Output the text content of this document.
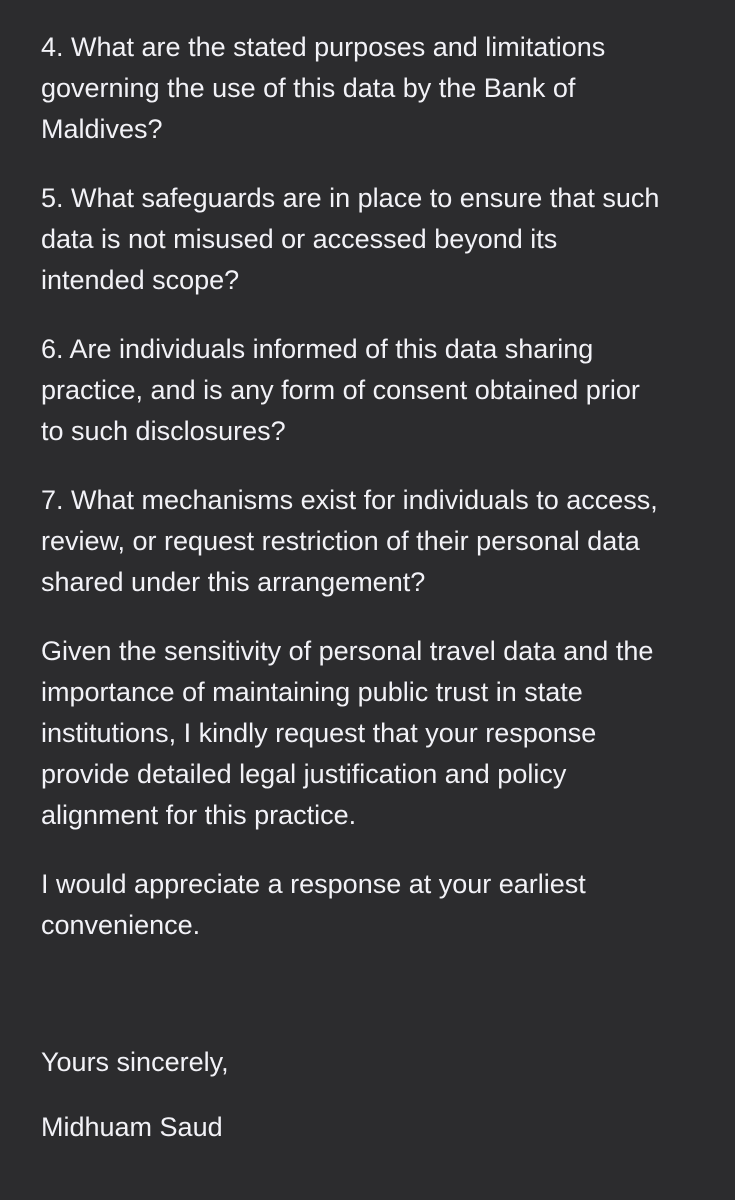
4. What are the stated purposes and limitations
governing the use of this data by the Bank of
Maldives?

5. What safeguards are in place to ensure that such
data is not misused or accessed beyond its
intended scope?

6. Are individuals informed of this data sharing
practice, and is any form of consent obtained prior
to such disclosures?

7. What mechanisms exist for individuals to access,
review, or request restriction of their personal data
shared under this arrangement?

Given the sensitivity of personal travel data and the
importance of maintaining public trust in state
institutions, I kindly request that your response
provide detailed legal justification and policy
alignment for this practice.

I would appreciate a response at your earliest
convenience.

Yours sincerely,

Midhuam Saud
